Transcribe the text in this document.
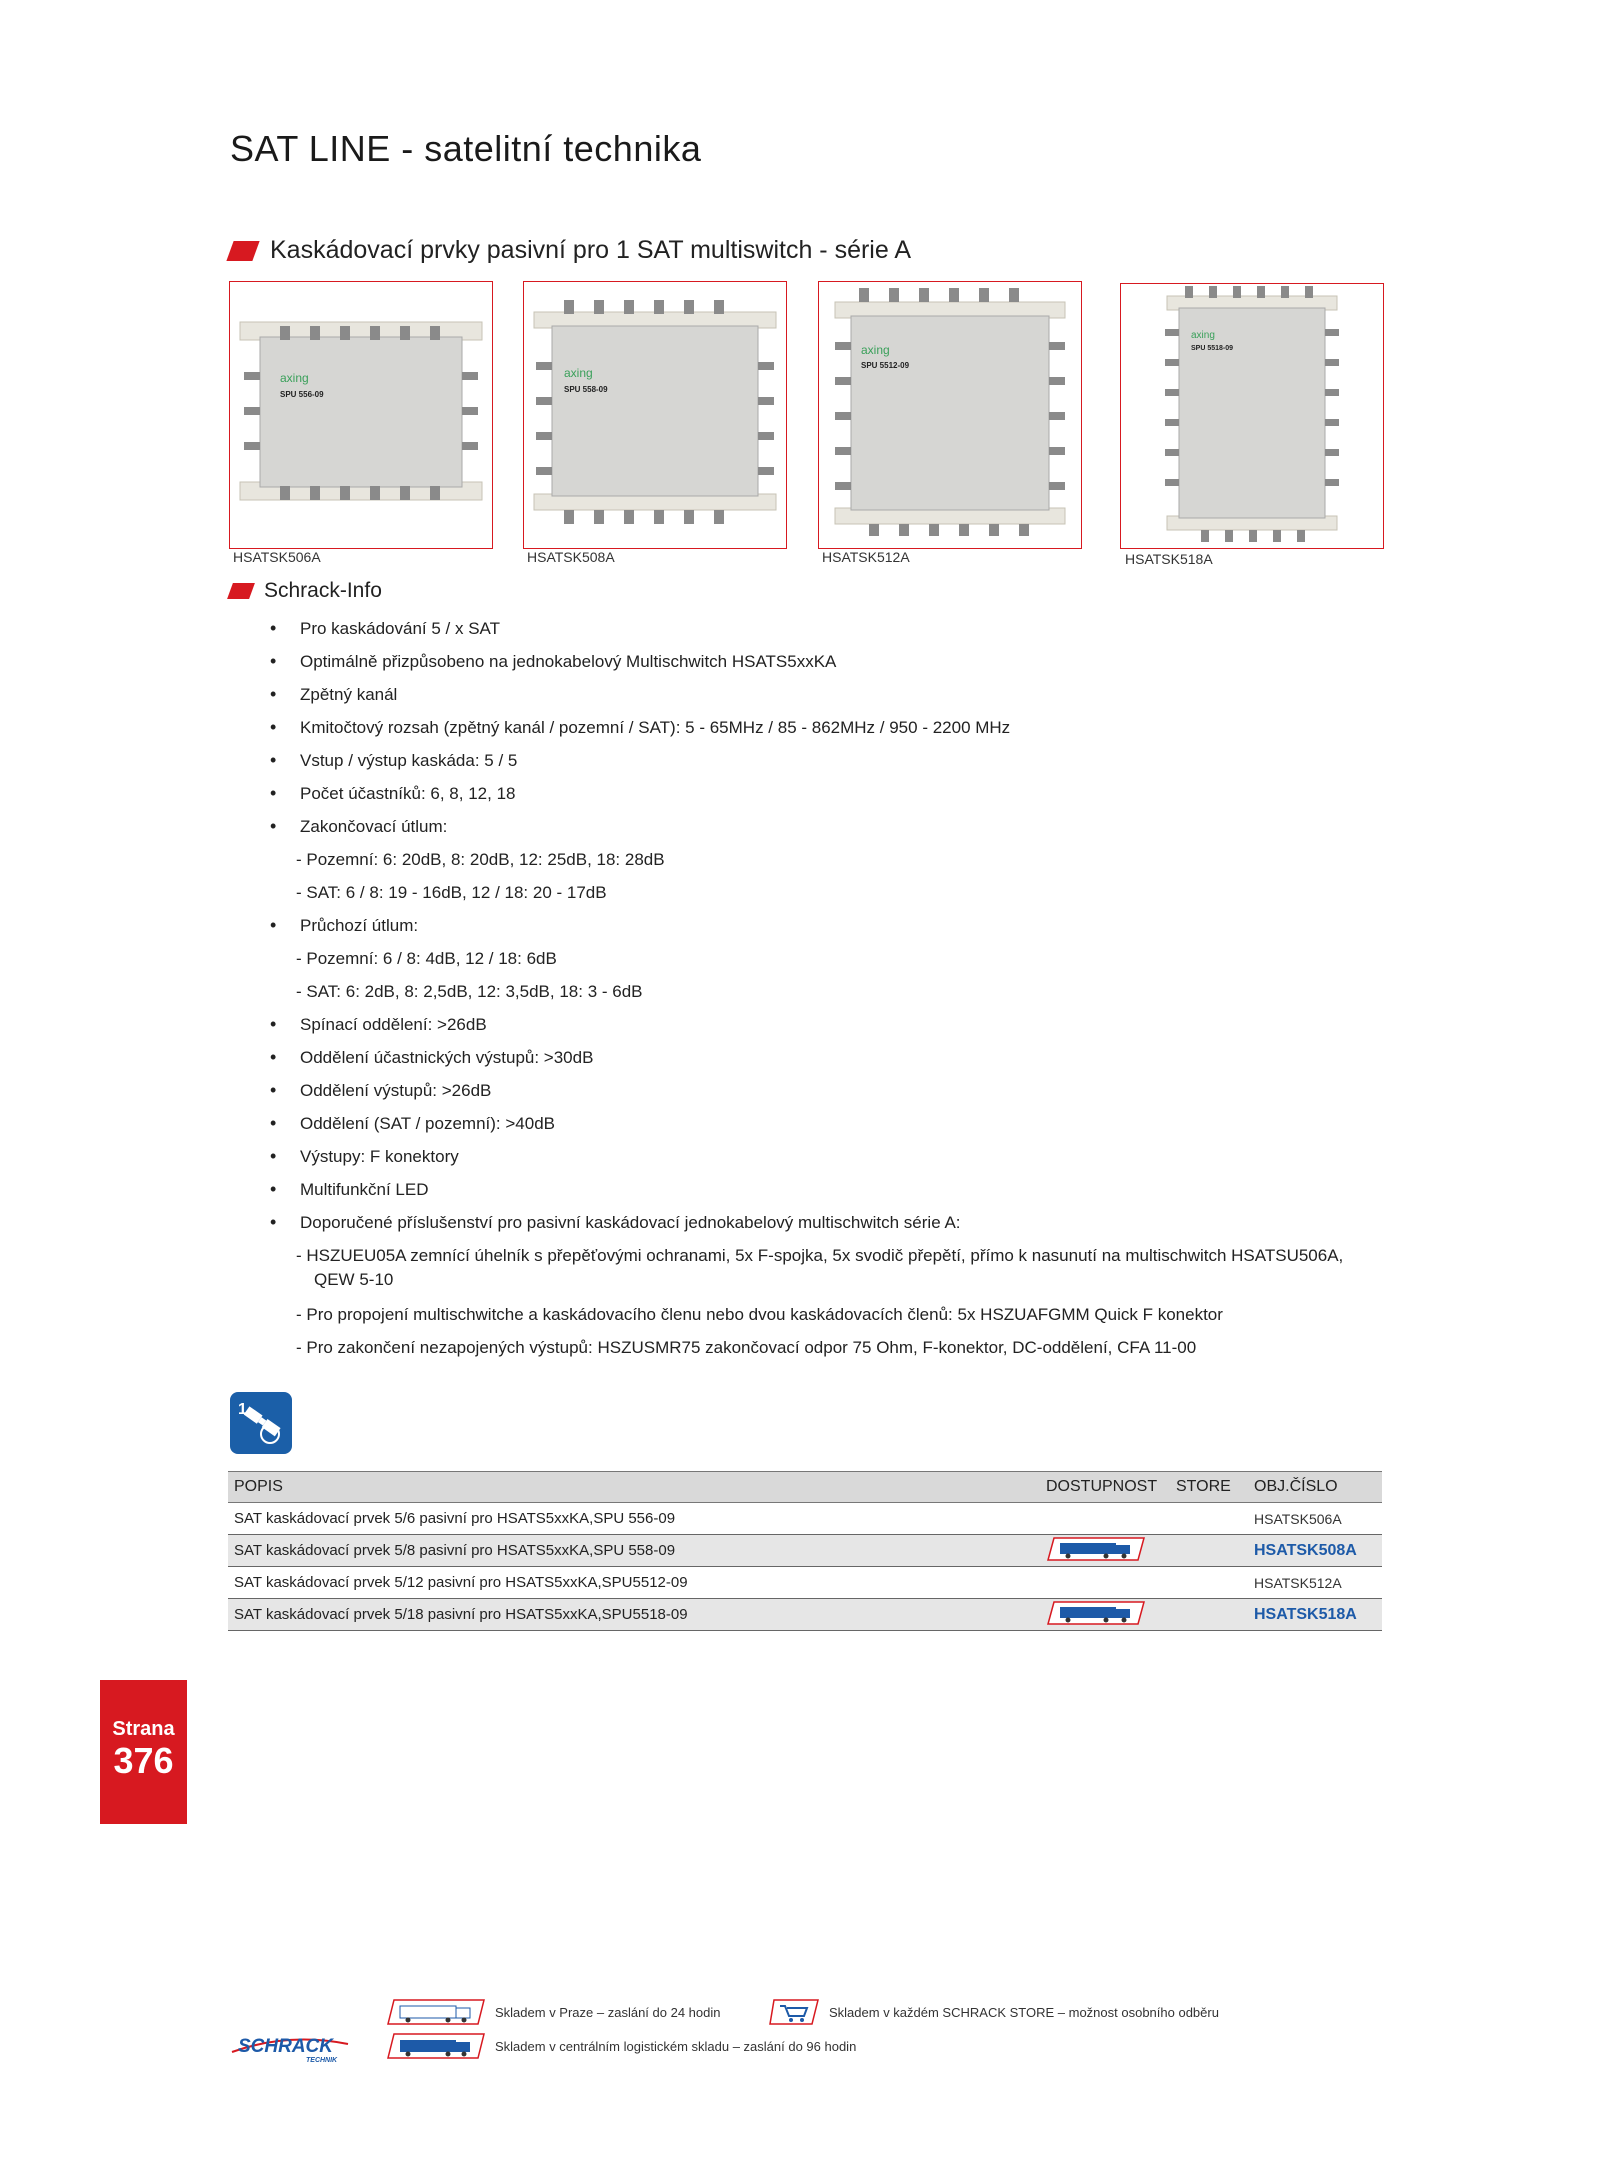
SAT LINE - satelitní technika
Kaskádovací prvky pasivní pro 1 SAT multiswitch - série A
axing
SPU 556-09
HSATSK506A
axing
SPU 558-09
HSATSK508A
axing
SPU 5512-09
HSATSK512A
axing
SPU 5518-09
HSATSK518A
Schrack-Info
• Pro kaskádování 5 / x SAT
• Optimálně přizpůsobeno na jednokabelový Multischwitch HSATS5xxKA
• Zpětný kanál
• Kmitočtový rozsah (zpětný kanál / pozemní / SAT): 5 - 65MHz / 85 - 862MHz / 950 - 2200 MHz
• Vstup / výstup kaskáda: 5 / 5
• Počet účastníků: 6, 8, 12, 18
• Zakončovací útlum:
- Pozemní: 6: 20dB, 8: 20dB, 12: 25dB, 18: 28dB
- SAT: 6 / 8: 19 - 16dB, 12 / 18: 20 - 17dB
• Průchozí útlum:
- Pozemní: 6 / 8: 4dB, 12 / 18: 6dB
- SAT: 6: 2dB, 8: 2,5dB, 12: 3,5dB, 18: 3 - 6dB
• Spínací oddělení: >26dB
• Oddělení účastnických výstupů: >30dB
• Oddělení výstupů: >26dB
• Oddělení (SAT / pozemní): >40dB
• Výstupy: F konektory
• Multifunkční LED
• Doporučené příslušenství pro pasivní kaskádovací jednokabelový multischwitch série A:
- HSZUEU05A zemnící úhelník s přepěťovými ochranami, 5x F-spojka, 5x svodič přepětí, přímo k nasunutí na multischwitch HSATSU506A,
QEW 5-10
- Pro propojení multischwitche a kaskádovacího členu nebo dvou kaskádovacích členů: 5x HSZUAFGMM Quick F konektor
- Pro zakončení nezapojených výstupů: HSZUSMR75 zakončovací odpor 75 Ohm, F-konektor, DC-oddělení, CFA 11-00
1
POPIS	DOSTUPNOST	STORE	OBJ.ČÍSLO
SAT kaskádovací prvek 5/6 pasivní pro HSATS5xxKA,SPU 556-09			HSATSK506A
SAT kaskádovací prvek 5/8 pasivní pro HSATS5xxKA,SPU 558-09			HSATSK508A
SAT kaskádovací prvek 5/12 pasivní pro HSATS5xxKA,SPU5512-09			HSATSK512A
SAT kaskádovací prvek 5/18 pasivní pro HSATS5xxKA,SPU5518-09			HSATSK518A
Strana
376
Skladem v Praze – zaslání do 24 hodin	Skladem v každém SCHRACK STORE – možnost osobního odběru
Skladem v centrálním logistickém skladu – zaslání do 96 hodin
SCHRACK
TECHNIK
